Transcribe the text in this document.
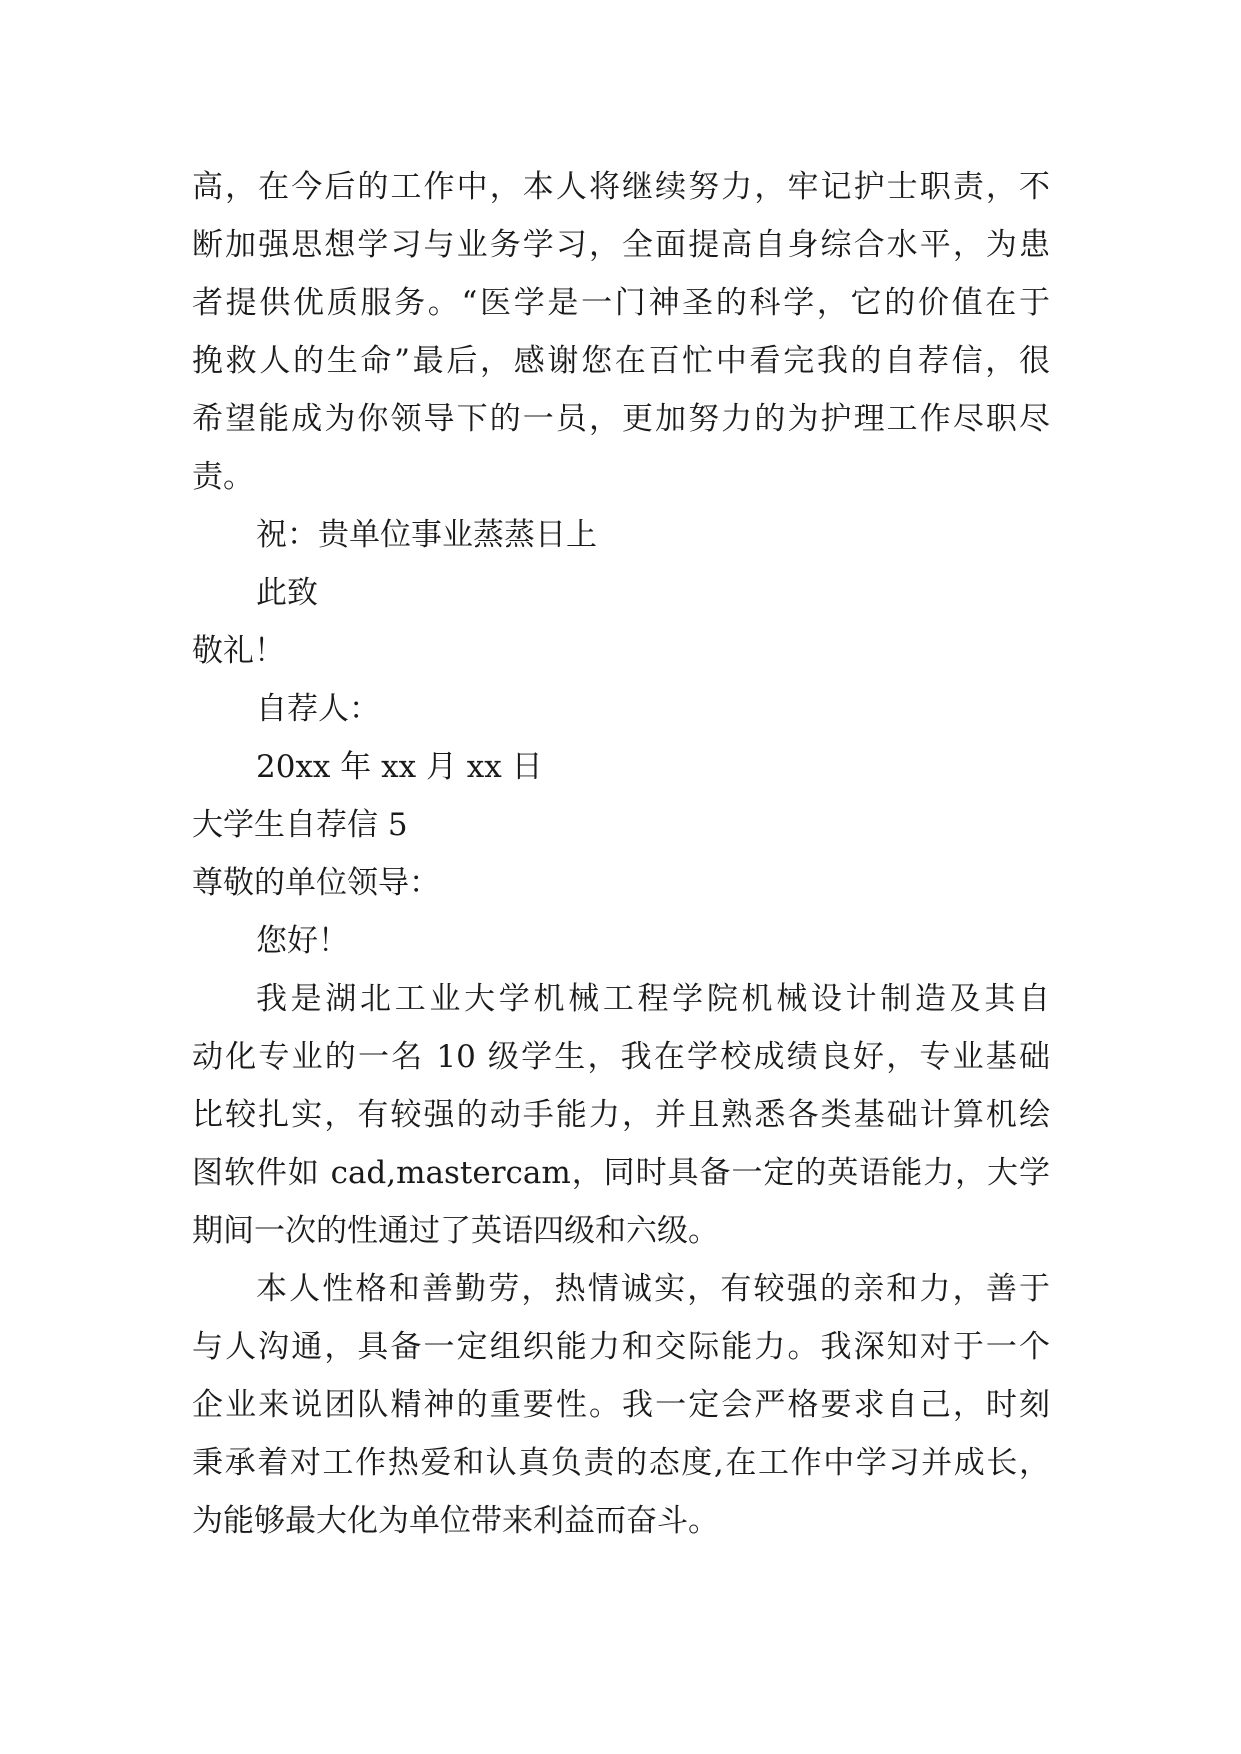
高，在今后的工作中，本人将继续努力，牢记护士职责，不
断加强思想学习与业务学习，全面提高自身综合水平，为患
者提供优质服务。“医学是一门神圣的科学，它的价值在于
挽救人的生命”最后，感谢您在百忙中看完我的自荐信，很
希望能成为你领导下的一员，更加努力的为护理工作尽职尽
责。
祝：贵单位事业蒸蒸日上
此致
敬礼！
自荐人：
20xx 年 xx 月 xx 日
大学生自荐信 5
尊敬的单位领导：
您好！
我是湖北工业大学机械工程学院机械设计制造及其自
动化专业的一名 10 级学生，我在学校成绩良好，专业基础
比较扎实，有较强的动手能力，并且熟悉各类基础计算机绘
图软件如 cad,mastercam，同时具备一定的英语能力，大学
期间一次的性通过了英语四级和六级。
本人性格和善勤劳，热情诚实，有较强的亲和力，善于
与人沟通，具备一定组织能力和交际能力。我深知对于一个
企业来说团队精神的重要性。我一定会严格要求自己，时刻
秉承着对工作热爱和认真负责的态度,在工作中学习并成长，
为能够最大化为单位带来利益而奋斗。
